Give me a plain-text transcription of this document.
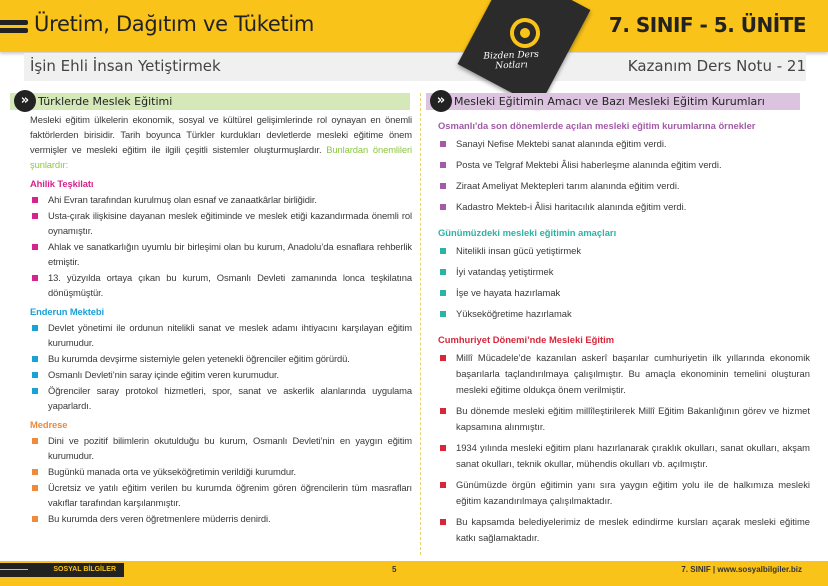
Üretim, Dağıtım ve Tüketim	7. SINIF - 5. ÜNİTE
İşin Ehli İnsan Yetiştirmek	Kazanım Ders Notu - 21
Bizden Ders Notları
» Türklerde Meslek Eğitimi	» Mesleki Eğitimin Amacı ve Bazı Mesleki Eğitim Kurumları

Mesleki eğitim ülkelerin ekonomik, sosyal ve kültürel gelişimlerinde rol oynayan en önemli faktörlerden birisidir. Tarih boyunca Türkler kurdukları devletlerde mesleki eğitime önem vermişler ve mesleki eğitim ile ilgili çeşitli sistemler oluşturmuşlardır. Bunlardan önemlileri şunlardır:

Ahilik Teşkilatı
Ahi Evran tarafından kurulmuş olan esnaf ve zanaatkârlar birliğidir.
Usta-çırak ilişkisine dayanan meslek eğitiminde ve meslek etiği kazandırmada önemli rol oynamıştır.
Ahlak ve sanatkarlığın uyumlu bir birleşimi olan bu kurum, Anadolu’da esnaflara rehberlik etmiştir.
13. yüzyılda ortaya çıkan bu kurum, Osmanlı Devleti zamanında lonca teşkilatına dönüşmüştür.
Enderun Mektebi
Devlet yönetimi ile ordunun nitelikli sanat ve meslek adamı ihtiyacını karşılayan eğitim kurumudur.
Bu kurumda devşirme sistemiyle gelen yetenekli öğrenciler eğitim görürdü.
Osmanlı Devleti’nin saray içinde eğitim veren kurumudur.
Öğrenciler saray protokol hizmetleri, spor, sanat ve askerlik alanlarında uygulama yaparlardı.
Medrese
Dini ve pozitif bilimlerin okutulduğu bu kurum, Osmanlı Devleti’nin en yaygın eğitim kurumudur.
Bugünkü manada orta ve yükseköğretimin verildiği kurumdur.
Ücretsiz ve yatılı eğitim verilen bu kurumda öğrenim gören öğrencilerin tüm masrafları vakıflar tarafından karşılanmıştır.
Bu kurumda ders veren öğretmenlere müderris denirdi.
Osmanlı'da son dönemlerde açılan mesleki eğitim kurumlarına örnekler
Sanayi Nefise Mektebi sanat alanında eğitim verdi.
Posta ve Telgraf Mektebi Âlisi haberleşme alanında eğitim verdi.
Ziraat Ameliyat Mektepleri tarım alanında eğitim verdi.
Kadastro Mekteb-i Âlisi haritacılık alanında eğitim verdi.
Günümüzdeki mesleki eğitimin amaçları
Nitelikli insan gücü yetiştirmek
İyi vatandaş yetiştirmek
İşe ve hayata hazırlamak
Yükseköğretime hazırlamak
Cumhuriyet Dönemi’nde Mesleki Eğitim
Millî Mücadele’de kazanılan askerî başarılar cumhuriyetin ilk yıllarında ekonomik başarılarla taçlandırılmaya çalışılmıştır. Bu amaçla ekonominin temelini oluşturan mesleki eğitime oldukça önem verilmiştir.
Bu dönemde mesleki eğitim millîleştirilerek Millî Eğitim Bakanlığının görev ve hizmet kapsamına alınmıştır.
1934 yılında mesleki eğitim planı hazırlanarak çıraklık okulları, sanat okulları, akşam sanat okulları, teknik okullar, mühendis okulları vb. açılmıştır.
Günümüzde örgün eğitimin yanı sıra yaygın eğitim yolu ile de halkımıza mesleki eğitim kazandırılmaya çalışılmaktadır.
Bu kapsamda belediyelerimiz de meslek edindirme kursları açarak mesleki eğitime katkı sağlamaktadır.
SOSYAL BİLGİLER	5	7. SINIF | www.sosyalbilgiler.biz
